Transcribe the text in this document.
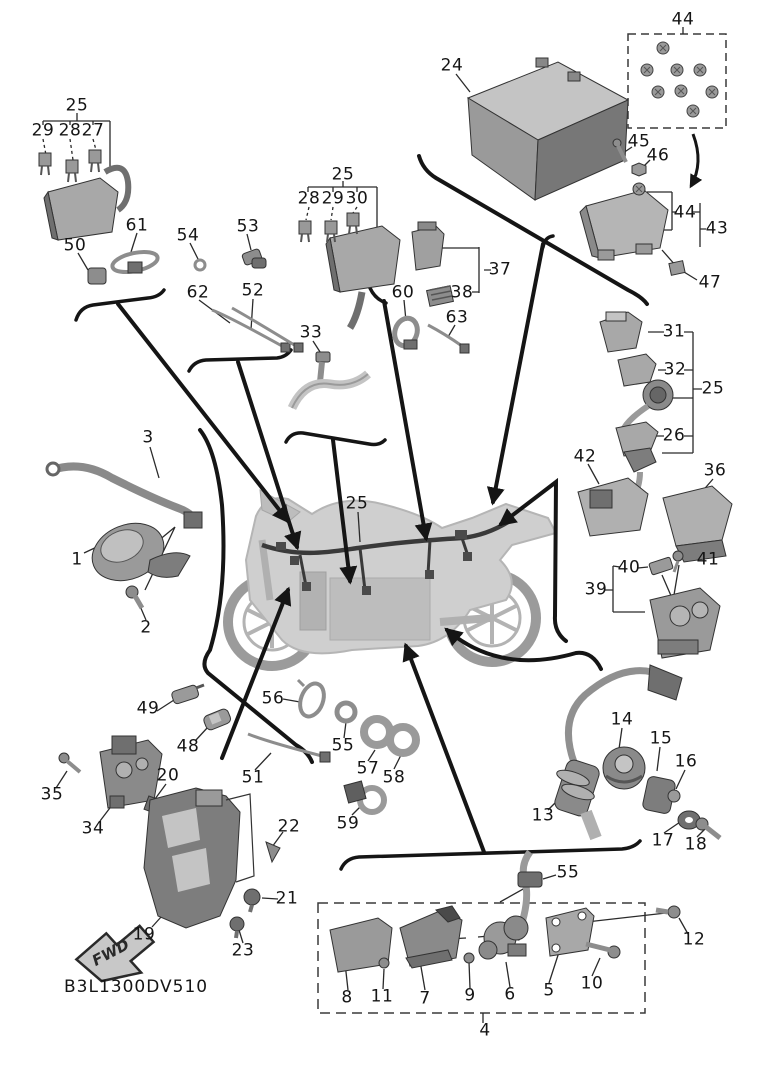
FWD
1
2
3
4
5
6
7
8	9
10
11
12
13
14
15
16
17 18
19
20
21
22
23
24
25
25
25
25
26
27
28
28
29
29 30
31
32
33
34
35
36
37
38
39
40	41
42
43
44
44
45
46
47
48
49
50
51
52
53
54
55
55
56
57 58
59
60
61
62
63
B3L1300DV510
